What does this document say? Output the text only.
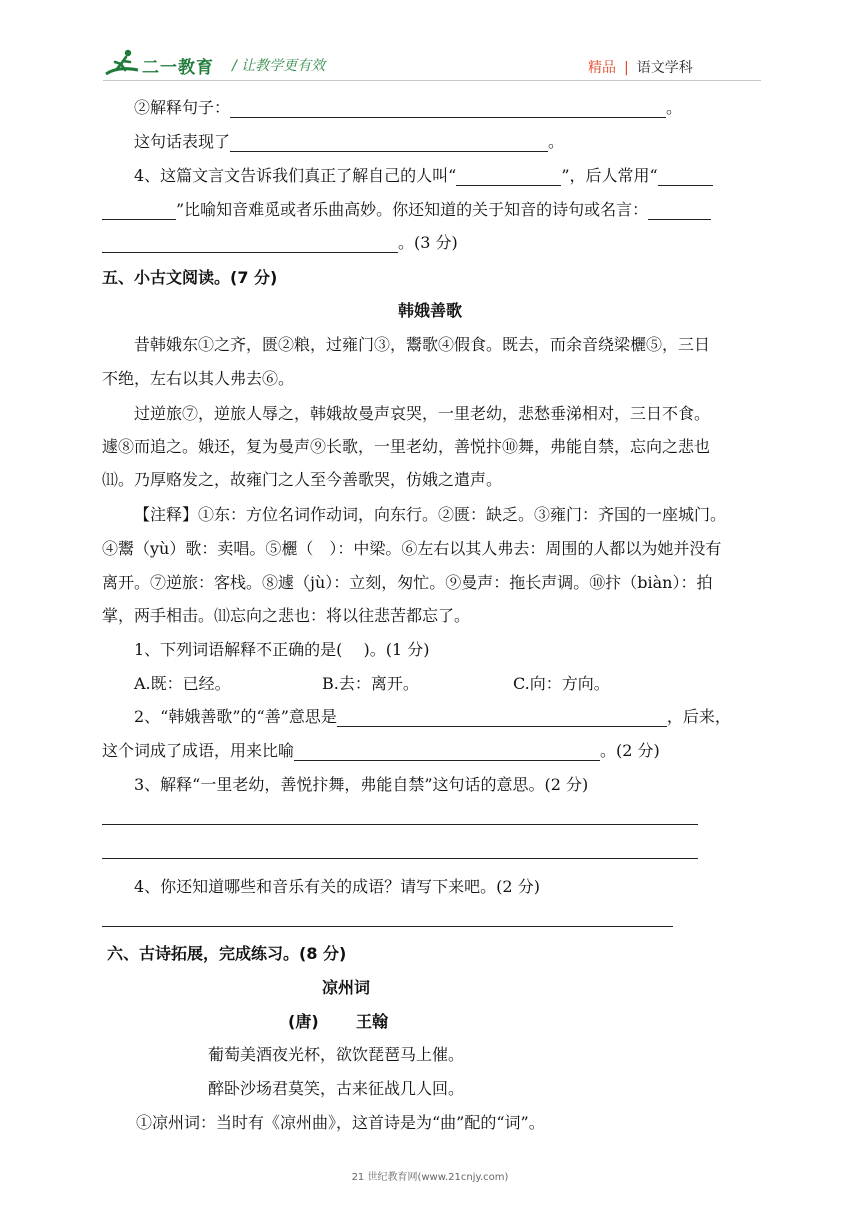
二一教育 / 让教学更有效	精品 | 语文学科
②解释句子：	。
这句话表现了	。
4、这篇文言文告诉我们真正了解自己的人叫“	”，后人常用“
”比喻知音难觅或者乐曲高妙。你还知道的关于知音的诗句或名言：
。(3 分)
五、小古文阅读。(7 分)
韩娥善歌
昔韩娥东①之齐，匮②粮，过雍门③，鬻歌④假食。既去，而余音绕梁欐⑤，三日
不绝，左右以其人弗去⑥。
过逆旅⑦，逆旅人辱之，韩娥故曼声哀哭，一里老幼，悲愁垂涕相对，三日不食。
遽⑧而追之。娥还，复为曼声⑨长歌，一里老幼，善悦抃⑩舞，弗能自禁，忘向之悲也
⑾。乃厚赂发之，故雍门之人至今善歌哭，仿娥之遣声。
【注释】①东：方位名词作动词，向东行。②匮：缺乏。③雍门：齐国的一座城门。
④鬻（yù）歌：卖唱。⑤欐（　）：中梁。⑥左右以其人弗去：周围的人都以为她并没有
离开。⑦逆旅：客栈。⑧遽（jù）：立刻，匆忙。⑨曼声：拖长声调。⑩抃（biàn）：拍
掌，两手相击。⑾忘向之悲也：将以往悲苦都忘了。
1、下列词语解释不正确的是(　 )。(1 分)
A.既：已经。	B.去：离开。	C.向：方向。
2、“韩娥善歌”的“善”意思是	，后来，
这个词成了成语，用来比喻	。(2 分)
3、解释“一里老幼，善悦抃舞，弗能自禁”这句话的意思。(2 分)
4、你还知道哪些和音乐有关的成语？请写下来吧。(2 分)
六、古诗拓展，完成练习。(8 分)
凉州词
(唐) 王翰
葡萄美酒夜光杯，欲饮琵琶马上催。
醉卧沙场君莫笑，古来征战几人回。
①凉州词：当时有《凉州曲》，这首诗是为“曲”配的“词”。
21 世纪教育网(www.21cnjy.com)
